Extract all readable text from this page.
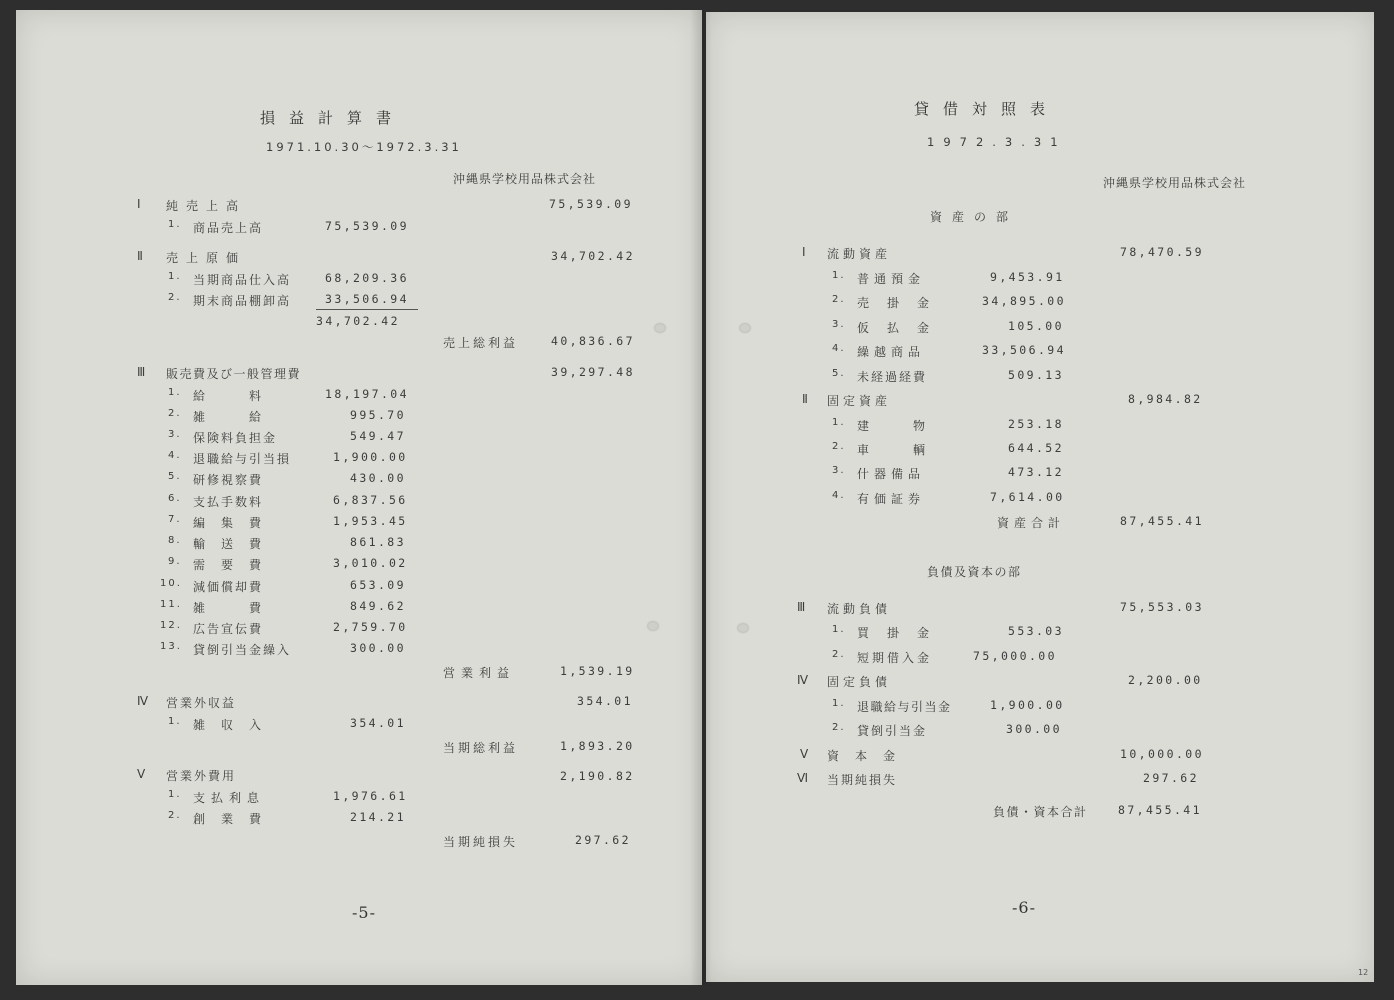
損益計算書
1971.10.30〜1972.3.31
沖縄県学校用品株式会社
Ⅰ 純売上高	75,539.09
1. 商品売上高	75,539.09
Ⅱ 売上原価	34,702.42
1. 当期商品仕入高	68,209.36
2. 期末商品棚卸高	33,506.94
34,702.42
売上総利益	40,836.67
Ⅲ 販売費及び一般管理費	39,297.48
1. 給　　　料	18,197.04
2. 雑　　　給	995.70
3. 保険料負担金	549.47
4. 退職給与引当損	1,900.00
5. 研修視察費	430.00
6. 支払手数料	6,837.56
7. 編　集　費	1,953.45
8. 輸　送　費	861.83
9. 需　要　費	3,010.02
10. 減価償却費	653.09
11. 雑　　　費	849.62
12. 広告宣伝費	2,759.70
13. 貸倒引当金繰入	300.00
営業利益	1,539.19
Ⅳ 営業外収益	354.01
1. 雑　収　入	354.01
当期総利益	1,893.20
Ⅴ 営業外費用	2,190.82
1. 支払利息	1,976.61
2. 創　業　費	214.21
当期純損失	297.62
-5-
貸借対照表
1972.3.31
沖縄県学校用品株式会社
資産の部
Ⅰ 流動資産	78,470.59
1. 普通預金	9,453.91
2. 売　掛　金	34,895.00
3. 仮　払　金	105.00
4. 繰越商品	33,506.94
5. 未経過経費	509.13
Ⅱ 固定資産	8,984.82
1. 建　　　物	253.18
2. 車　　　輌	644.52
3. 什器備品	473.12
4. 有価証券	7,614.00
資産合計	87,455.41
負債及資本の部
Ⅲ 流動負債	75,553.03
1. 買　掛　金	553.03
2. 短期借入金	75,000.00
Ⅳ 固定負債	2,200.00
1. 退職給与引当金	1,900.00
2. 貸倒引当金	300.00
Ⅴ 資　本　金	10,000.00
Ⅵ 当期純損失	297.62
負債・資本合計	87,455.41
-6-
12
